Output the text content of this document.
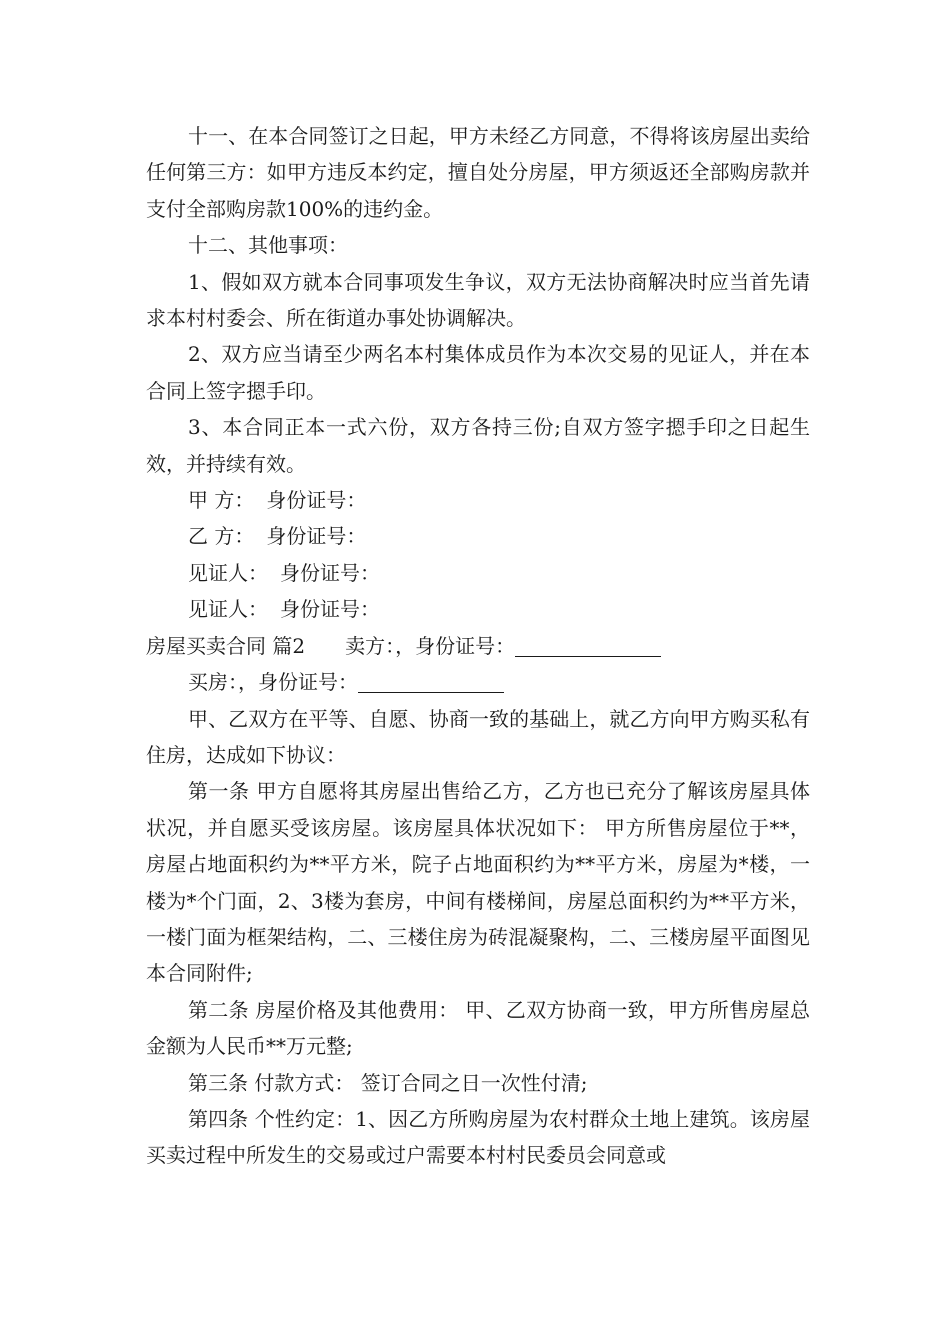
十一、在本合同签订之日起，甲方未经乙方同意，不得将该房屋出卖给任何第三方：如甲方违反本约定，擅自处分房屋，甲方须返还全部购房款并支付全部购房款100%的违约金。

十二、其他事项：

1、假如双方就本合同事项发生争议，双方无法协商解决时应当首先请求本村村委会、所在街道办事处协调解决。

2、双方应当请至少两名本村集体成员作为本次交易的见证人，并在本合同上签字摁手印。

3、本合同正本一式六份，双方各持三份;自双方签字摁手印之日起生效，并持续有效。

甲 方： 身份证号：

乙 方： 身份证号：

见证人： 身份证号：

见证人： 身份证号：

房屋买卖合同 篇2 卖方：，身份证号：

买房：，身份证号：

甲、乙双方在平等、自愿、协商一致的基础上，就乙方向甲方购买私有住房，达成如下协议：

第一条 甲方自愿将其房屋出售给乙方，乙方也已充分了解该房屋具体状况，并自愿买受该房屋。该房屋具体状况如下： 甲方所售房屋位于**，房屋占地面积约为**平方米，院子占地面积约为**平方米，房屋为*楼，一楼为*个门面，2、3楼为套房，中间有楼梯间，房屋总面积约为**平方米，一楼门面为框架结构，二、三楼住房为砖混凝聚构，二、三楼房屋平面图见本合同附件;

第二条 房屋价格及其他费用： 甲、乙双方协商一致，甲方所售房屋总金额为人民币**万元整;

第三条 付款方式： 签订合同之日一次性付清;

第四条 个性约定：1、因乙方所购房屋为农村群众土地上建筑。该房屋买卖过程中所发生的交易或过户需要本村村民委员会同意或
